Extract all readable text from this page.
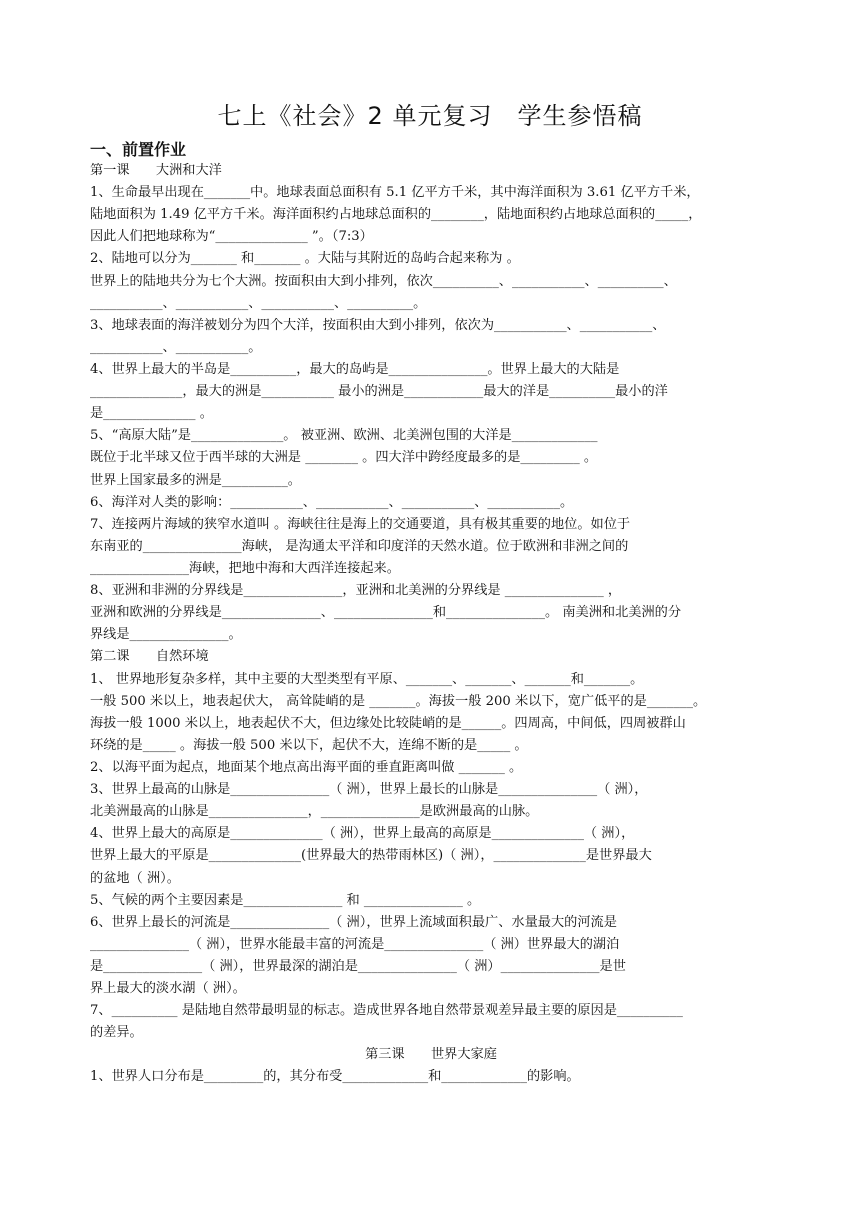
七上《社会》2 单元复习　学生参悟稿
一、前置作业
第一课　　大洲和大洋
1、生命最早出现在_______中。地球表面总面积有 5.1 亿平方千米，其中海洋面积为 3.61 亿平方千米，
陆地面积为 1.49 亿平方千米。海洋面积约占地球总面积的________，陆地面积约占地球总面积的_____，
因此人们把地球称为“______________ ”。（7:3）
2、陆地可以分为_______ 和_______ 。大陆与其附近的岛屿合起来称为 。
世界上的陆地共分为七个大洲。按面积由大到小排列，依次__________、___________、__________、
___________、___________、___________、__________。
3、地球表面的海洋被划分为四个大洋，按面积由大到小排列，依次为___________、___________、
___________、___________。
4、世界上最大的半岛是__________，最大的岛屿是_______________。世界上最大的大陆是
______________，最大的洲是___________ 最小的洲是____________最大的洋是__________最小的洋
是______________ 。
5、“高原大陆”是______________。 被亚洲、欧洲、北美洲包围的大洋是_____________
既位于北半球又位于西半球的大洲是 ________ 。四大洋中跨经度最多的是_________ 。
世界上国家最多的洲是__________。
6、海洋对人类的影响：___________、___________、___________、___________。
7、连接两片海域的狭窄水道叫 。海峡往往是海上的交通要道，具有极其重要的地位。如位于
东南亚的_______________海峡， 是沟通太平洋和印度洋的天然水道。位于欧洲和非洲之间的
_______________海峡，把地中海和大西洋连接起来。
8、亚洲和非洲的分界线是_______________，亚洲和北美洲的分界线是 _______________ ，
亚洲和欧洲的分界线是_______________、_______________和_______________。 南美洲和北美洲的分
界线是_______________。
第二课　　自然环境
1、 世界地形复杂多样，其中主要的大型类型有平原、_______、_______、_______和_______。
一般 500 米以上，地表起伏大， 高耸陡峭的是 _______。海拔一般 200 米以下，宽广低平的是_______。
海拔一般 1000 米以上，地表起伏不大，但边缘处比较陡峭的是______。四周高，中间低，四周被群山
环绕的是_____ 。海拔一般 500 米以下，起伏不大，连绵不断的是_____ 。
2、以海平面为起点，地面某个地点高出海平面的垂直距离叫做 _______ 。
3、世界上最高的山脉是_______________（ 洲），世界上最长的山脉是_______________（ 洲），
北美洲最高的山脉是_______________，_______________是欧洲最高的山脉。
4、世界上最大的高原是______________（ 洲），世界上最高的高原是______________（ 洲），
世界上最大的平原是______________(世界最大的热带雨林区)（ 洲），______________是世界最大
的盆地（ 洲）。
5、气候的两个主要因素是_______________ 和 _______________ 。
6、世界上最长的河流是_______________（ 洲），世界上流域面积最广、水量最大的河流是
_______________（ 洲），世界水能最丰富的河流是_______________（ 洲）世界最大的湖泊
是_______________（ 洲），世界最深的湖泊是_______________（ 洲）_______________是世
界上最大的淡水湖（ 洲）。
7、__________ 是陆地自然带最明显的标志。造成世界各地自然带景观差异最主要的原因是__________
的差异。
第三课　　世界大家庭
1、世界人口分布是_________的，其分布受_____________和_____________的影响。
